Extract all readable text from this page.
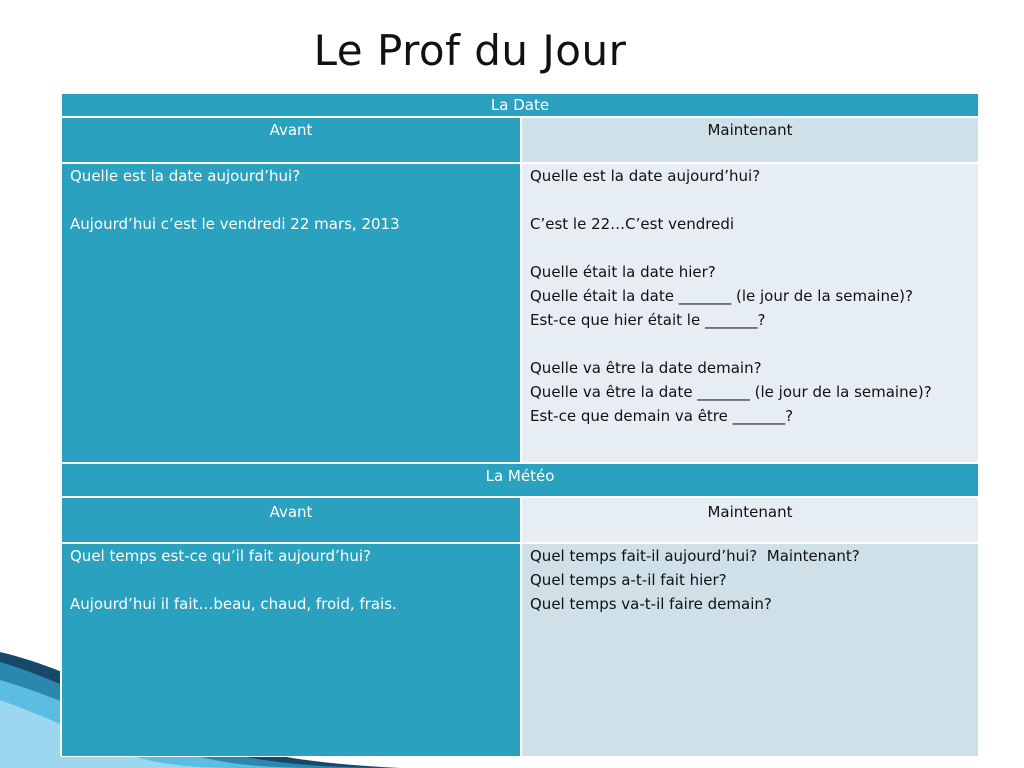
Le Prof du Jour
La Date
Avant	Maintenant
Quelle est la date aujourd’hui?
Aujourd’hui c’est le vendredi 22 mars, 2013
Quelle est la date aujourd’hui?
C’est le 22…C’est vendredi
Quelle était la date hier?
Quelle était la date _______ (le jour de la semaine)?
Est-ce que hier était le _______?
Quelle va être la date demain?
Quelle va être la date _______ (le jour de la semaine)?
Est-ce que demain va être _______?
La Météo
Avant	Maintenant
Quel temps est-ce qu’il fait aujourd’hui?
Aujourd’hui il fait…beau, chaud, froid, frais.
Quel temps fait-il aujourd’hui?  Maintenant?
Quel temps a-t-il fait hier?
Quel temps va-t-il faire demain?
